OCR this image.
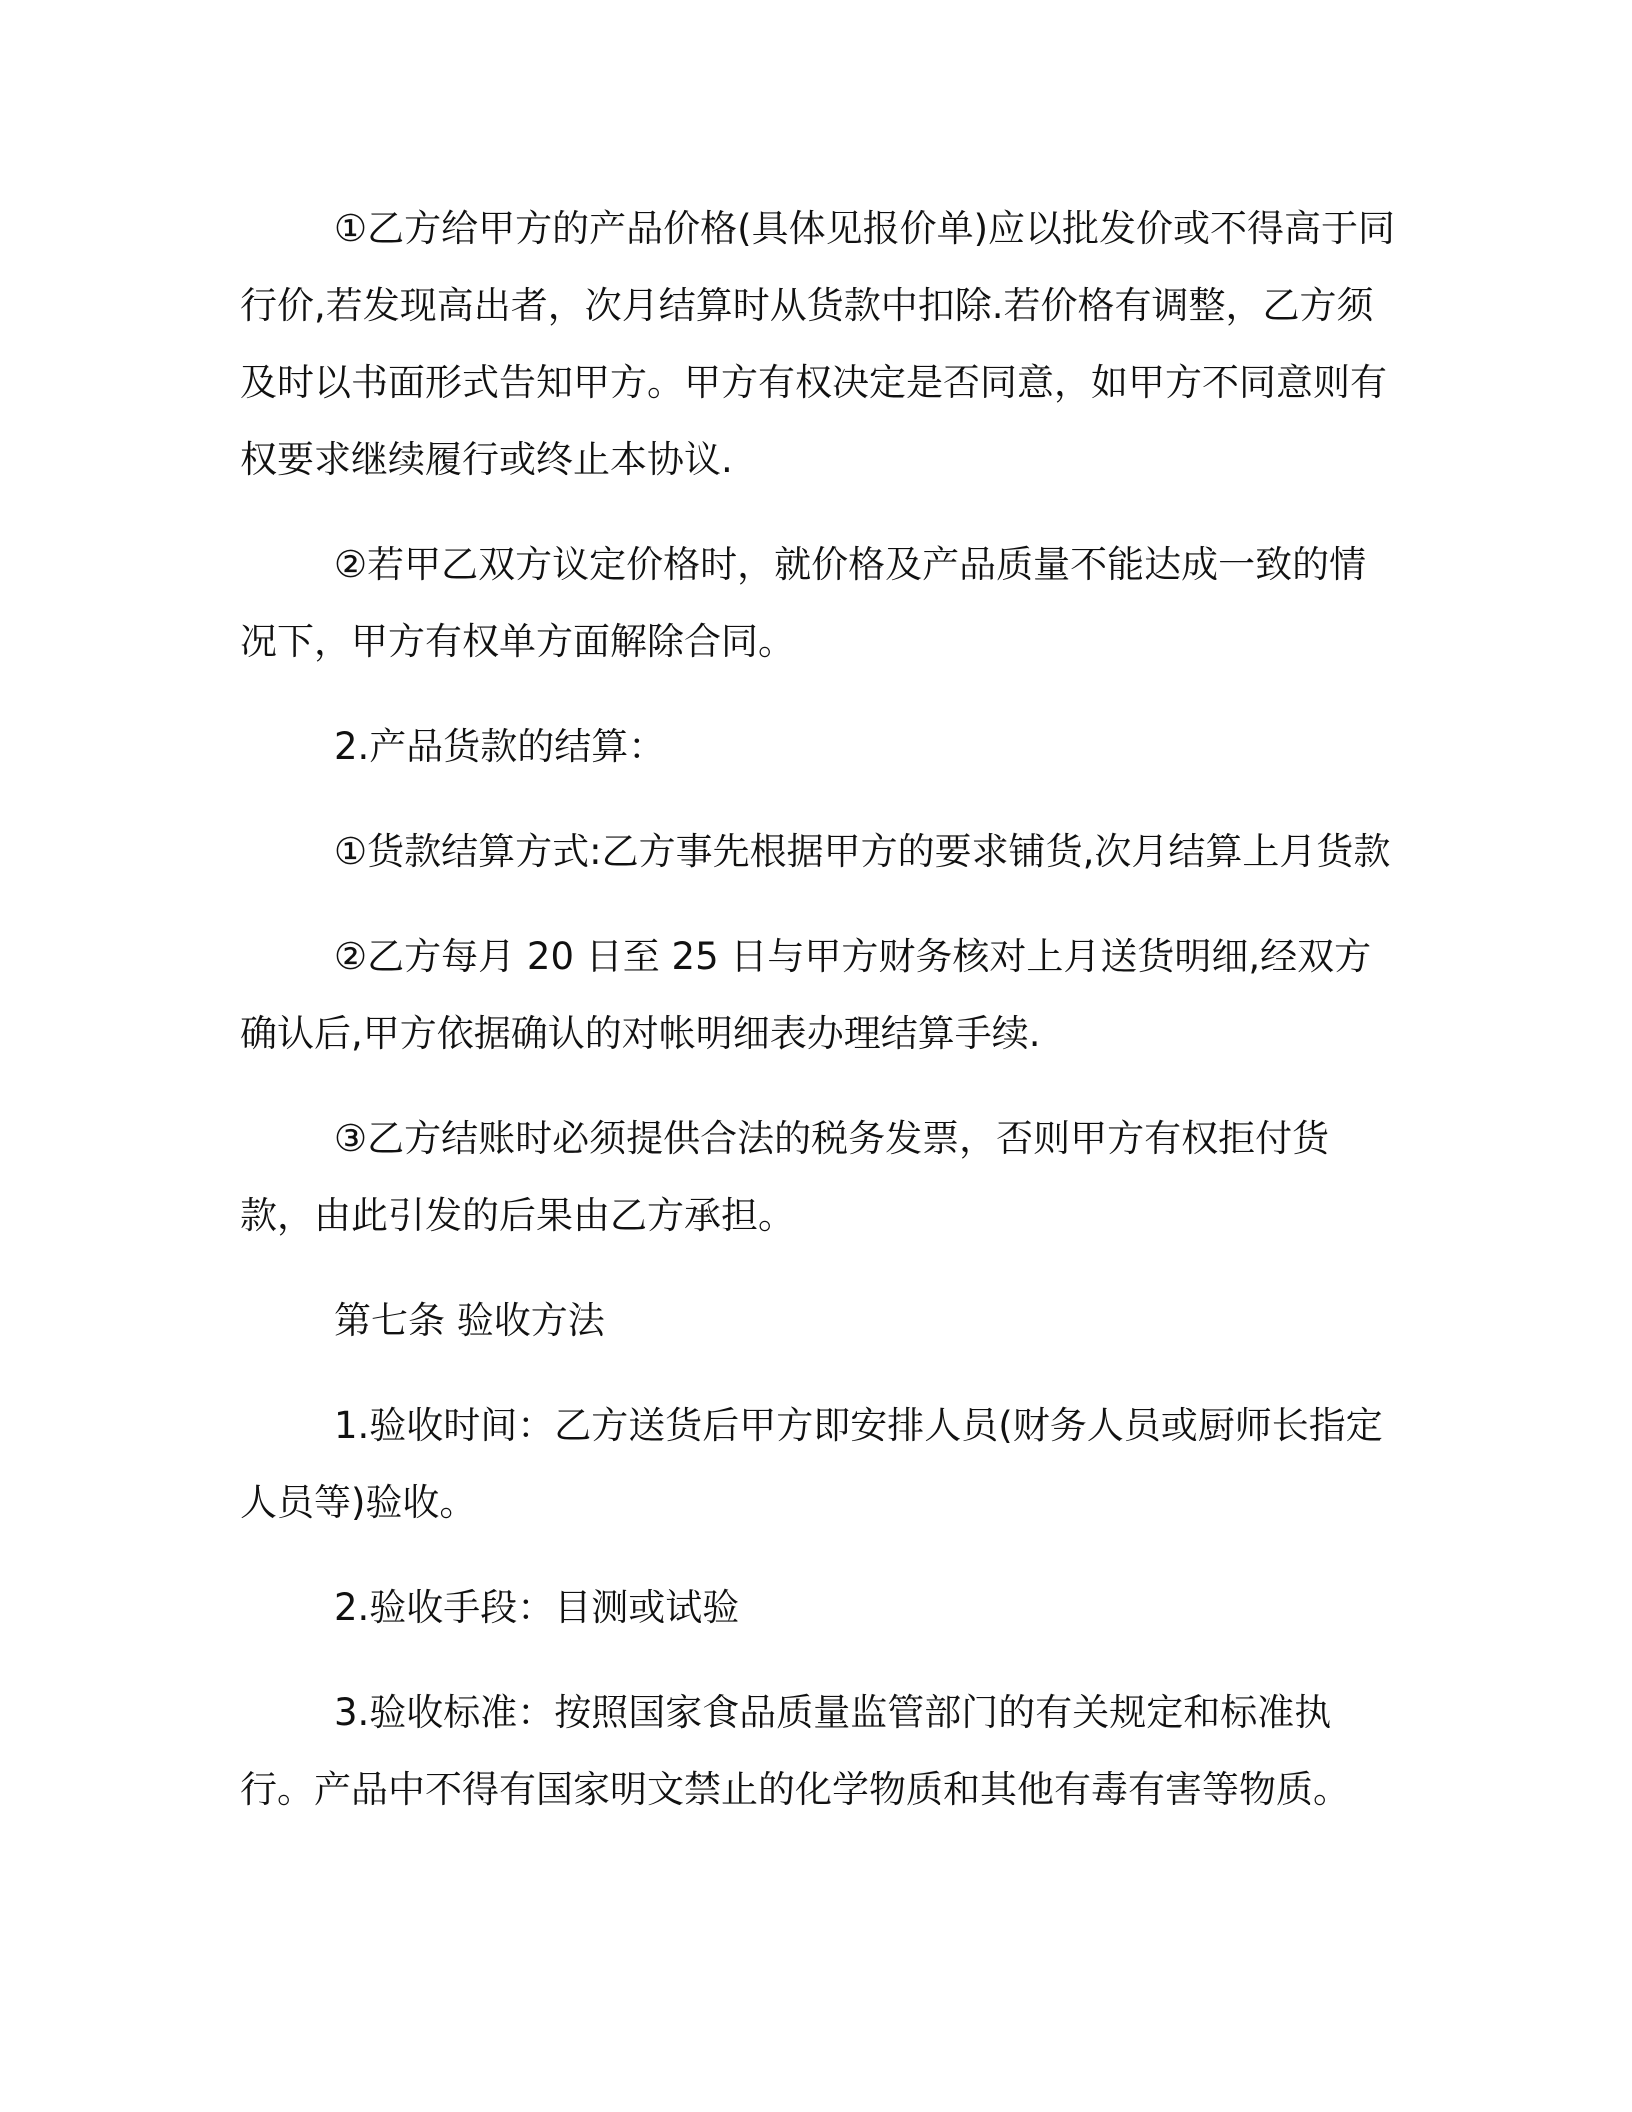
①乙方给甲方的产品价格(具体见报价单)应以批发价或不得高于同行价,若发现高出者，次月结算时从货款中扣除.若价格有调整，乙方须及时以书面形式告知甲方。甲方有权决定是否同意，如甲方不同意则有权要求继续履行或终止本协议.

②若甲乙双方议定价格时，就价格及产品质量不能达成一致的情况下，甲方有权单方面解除合同。

2.产品货款的结算：

①货款结算方式:乙方事先根据甲方的要求铺货,次月结算上月货款

②乙方每月 20 日至 25 日与甲方财务核对上月送货明细,经双方确认后,甲方依据确认的对帐明细表办理结算手续.

③乙方结账时必须提供合法的税务发票，否则甲方有权拒付货款，由此引发的后果由乙方承担。

第七条 验收方法

1.验收时间：乙方送货后甲方即安排人员(财务人员或厨师长指定人员等)验收。

2.验收手段：目测或试验

3.验收标准：按照国家食品质量监管部门的有关规定和标准执行。产品中不得有国家明文禁止的化学物质和其他有毒有害等物质。
